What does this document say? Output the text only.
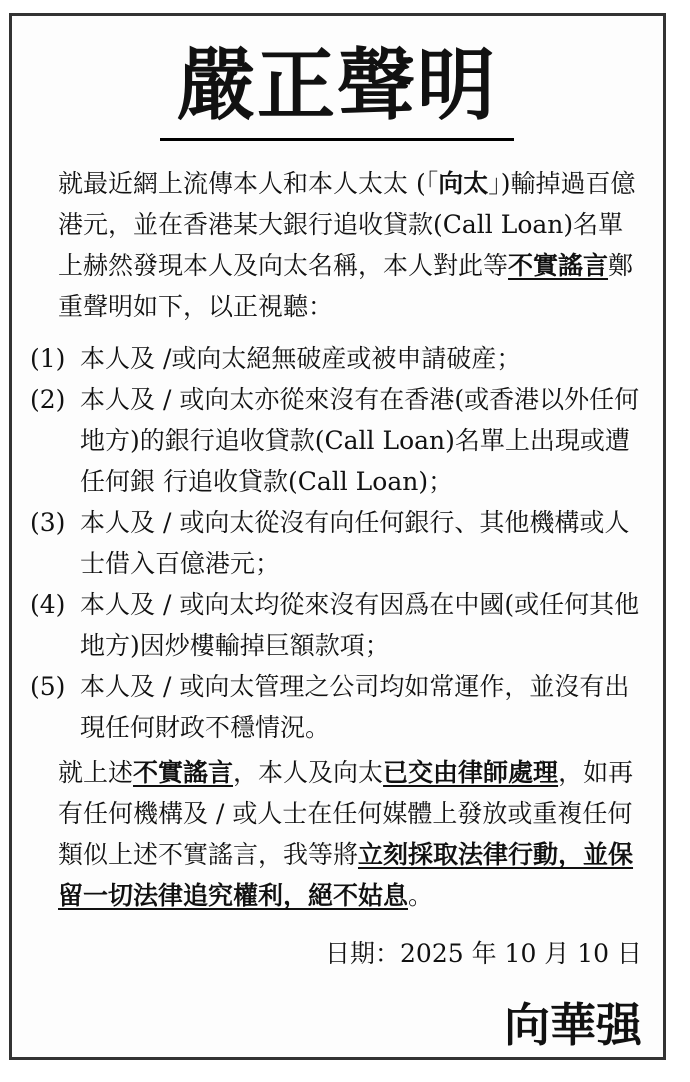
嚴正聲明
就最近網上流傳本人和本人太太 (「向太」)輸掉過百億港元，並在香港某大銀行追收貸款(Call Loan)名單上赫然發現本人及向太名稱，本人對此等不實謠言鄭重聲明如下，以正視聽：
(1) 本人及 /或向太絕無破産或被申請破産；
(2) 本人及 / 或向太亦從來沒有在香港(或香港以外任何地方)的銀行追收貸款(Call Loan)名單上出現或遭任何銀 行追收貸款(Call Loan)；
(3) 本人及 / 或向太從沒有向任何銀行、其他機構或人士借入百億港元；
(4) 本人及 / 或向太均從來沒有因爲在中國(或任何其他地方)因炒樓輸掉巨額款項；
(5) 本人及 / 或向太管理之公司均如常運作，並沒有出現任何財政不穩情況。
就上述不實謠言，本人及向太已交由律師處理，如再有任何機構及 / 或人士在任何媒體上發放或重複任何類似上述不實謠言，我等將立刻採取法律行動，並保留一切法律追究權利，絕不姑息。
日期：2025 年 10 月 10 日
向華强
